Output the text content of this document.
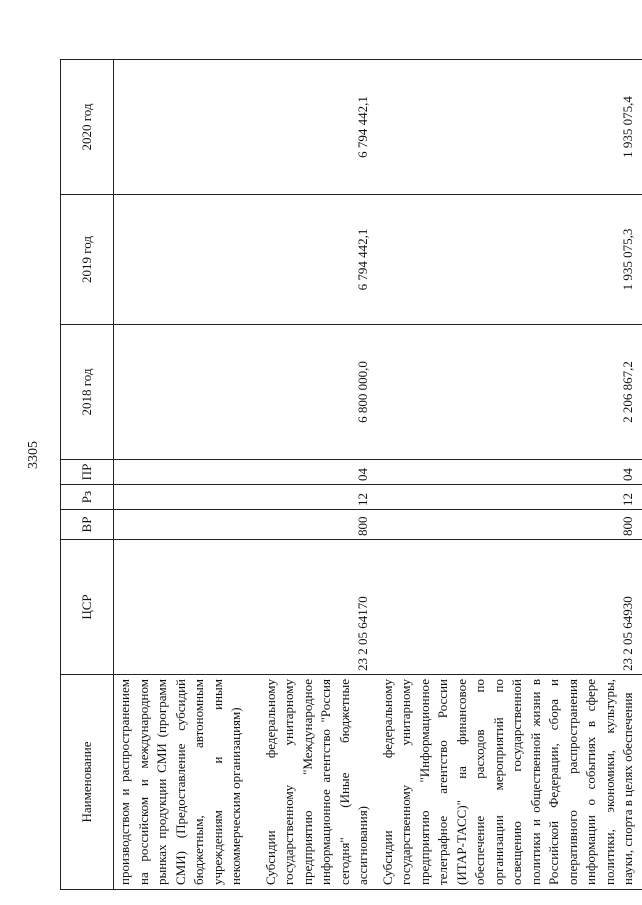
3305
Наименование	ЦСР	ВР	Рз	ПР	2018 год	2019 год	2020 год
производством и распространением на российском и международном рынках продукции СМИ (программ СМИ) (Предоставление субсидий бюджетным, автономным учреждениям и иным некоммерческим организациям)							
Субсидии федеральному государственному унитарному предприятию "Международное информационное агентство "Россия сегодня" (Иные бюджетные ассигнования)	23 2 05 64170	800	12	04	6 800 000,0	6 794 442,1	6 794 442,1
Субсидии федеральному государственному унитарному предприятию "Информационное телеграфное агентство России (ИТАР-ТАСС)" на финансовое обеспечение расходов по организации мероприятий по освещению государственной политики и общественной жизни в Российской Федерации, сбора и оперативного распространения информации о событиях в сфере политики, экономики, культуры, науки, спорта в целях обеспечения	23 2 05 64930	800	12	04	2 206 867,2	1 935 075,3	1 935 075,4
